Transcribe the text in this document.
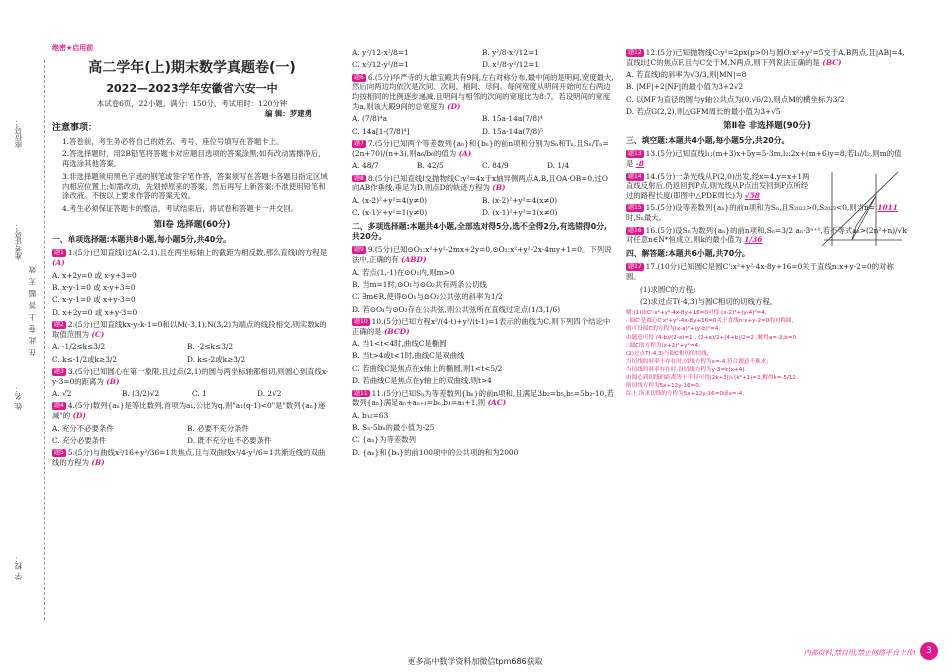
座位号：
准考证号：
在 此 卷 上 答 题 无 效
姓 名：
学 校：
绝密★启用前
高二学年(上)期末数学真题卷(一)
2022—2023学年安徽省六安一中
本试卷6页，22小题，满分：150分，考试用时：120分钟
编 辑：罗建勇
注意事项：

1.答卷前，考生务必将自己的姓名、考号、座位号填写在答题卡上。

2.答选择题时，用2B铅笔将答题卡对应题目选项的答案涂黑;如有改动需擦净后，再选涂其他答案。

3.非选择题须用黑色字迹的钢笔或签字笔作答，答案须写在答题卡各题目指定区域内相应位置上;如需改动，先划掉原来的答案，然后再写上新答案;不准使用铅笔和涂改液。不按以上要求作答的答案无效。

4.考生必须保证答题卡的整洁，考试结束后，将试卷和答题卡一并交回。

第Ⅰ卷 选择题(60分)
一、单项选择题:本题共8小题,每小题5分,共40分。

题1 1.(5分)已知直线l过A(-2,1),且在两坐标轴上的截距为相反数,那么直线l的方程是 (A)

A. x+2y=0 或 x-y+3=0

B. x-y-1=0 或 x-y+3=0

C. x-y-1=0 或 x+y-3=0

D. x+2y=0 或 x+y-3=0

题2 2.(5分)已知直线kx-y-k-1=0和以M(-3,1),N(3,2)为端点的线段相交,则实数k的取值范围为 (C)

A. -1/2≤k≤3/2	B. -2≤k≤3/2

C. k≤-1/2或k≥3/2	D. k≤-2或k≥3/2

题3 3.(5分)已知圆心在第一象限,且过点(2,1)的圆与两坐标轴都相切,则圆心到直线x-y-3=0的距离为 (B)

A. √2	B. (3/2)√2	C. 1	D. 2√2

题4 4.(5分)数列{aₙ}是等比数列,首项为a₁,公比为q,则"a₁(q-1)<0"是"数列{aₙ}递减"的 (D)

A. 充分不必要条件	B. 必要不充分条件

C. 充分必要条件	D. 既不充分也不必要条件

题5 5.(5分)与曲线x²/16+y²/36=1共焦点,且与双曲线x²/4-y²/6=1共渐近线的双曲线的方程为 (B)

A. y²/12-x²/8=1	B. y²/8-x²/12=1

C. x²/12-y²/8=1	D. x²/8-y²/12=1

题6 6.(5分)华严寺的大雄宝殿共有9间,左右对称分布,最中间的是明间,宽度最大,然后向两边均依次是次间、次间、梢间、尽间。每间宽度从明间开始向左右两边均按相同的比例逐步递减,且明间与相邻的次间的宽度比为8:7。若设明间的宽度为a,则该大殿9间的总宽度为 (D)

A. (7/8)⁴a	B. 15a-14a(7/8)⁴

C. 14a[1-(7/8)⁴]	D. 15a-14a(7/8)⁵

题7 7.(5分)已知两个等差数列{aₙ}和{bₙ}的前n项和分别为Sₙ和Tₙ,且Sₙ/Tₙ=(2n+70)/(n+3),则a₆/b₆的值为 (A)

A. 48/7	B. 42/5	C. 84/9	D. 1/4

题8 8.(5分)已知直线l交抛物线C:y²=4x于x轴异侧两点A,B,且OA·OB=0,过O向AB作垂线,垂足为D,则点D的轨迹方程为 (B)

A. (x-2)²+y²=4(y≠0)	B. (x-2)²+y²=4(x≠0)

C. (x-1)²+y²=1(y≠0)	D. (x-1)²+y²=1(x≠0)

二、多项选择题:本题共4小题,全部选对得5分,选不全得2分,有选错得0分,共20分。

题9 9.(5分)已知⊙O₁:x²+y²-2mx+2y=0,⊙O₂:x²+y²-2x-4my+1=0。下列说法中,正确的有 (ABD)

A. 若点(1,-1)在⊙O₁内,则m>0

B. 当m=1时,⊙O₁与⊙O₂共有两条公切线

C. ∃m∈R,使得⊙O₁与⊙O₂公共弦的斜率为1/2

D. 若⊙O₁与⊙O₂存在公共弦,则公共弦所在直线过定点(1/3,1/6)

题10 10.(5分)已知方程x²/(4-t)+y²/(t-1)=1表示的曲线为C,则下列四个结论中正确的是 (BCD)

A. 当1<t<4时,曲线C是椭圆

B. 当t>4或t<1时,曲线C是双曲线

C. 若曲线C是焦点在x轴上的椭圆,则1<t<5/2

D. 若曲线C是焦点在y轴上的双曲线,则t>4

题11 11.(5分)已知Sₙ为等差数列{bₙ}的前n项和,且满足3b₂=b₅,b₅=5b₂-10,若数列{aₙ}满足aₙ+aₙ₊₁=bₙ,b₁=a₁+1,则 (AC)

A. b₁₂=63

B. Sₙ-5bₙ的最小值为-25

C. {aₙ}为等差数列

D. {aₙ}和{bₙ}的前100项中的公共项的和为2000

题12 12.(5分)已知抛物线C:y²=2px(p>0)与圆O:x²+y²=5交于A,B两点,且|AB|=4,直线l过C的焦点F,且与C交于M,N两点,则下列说法正确的是 (BC)

A. 若直线l的斜率为√3/3,则|MN|=8

B. |MF|+2|NF|的最小值为3+2√2

C. 以MF为直径的圆与y轴公共点为(0,√6/2),则点M的横坐标为3/2

D. 若点G(2,2),则△GFM周长的最小值为3+√5

第Ⅱ卷 非选择题(90分)
三、填空题:本题共4小题,每小题5分,共20分。

题13 13.(5分)已知直线l₁:(m+3)x+5y=5-3m,l₂:2x+(m+6)y=8,若l₁//l₂,则m的值是 -8

题14 14.(5分)一条光线从P(2,0)出发,经x=4,y=x+1两直线反射后,仍返回到P点,则光线从P点出发回到P点所经过的路程长度(即图中△PDE周长)为 √58

题15 15.(5分)设等差数列{aₙ}的前n项和为Sₙ,且S₂₀₂₂>0,S₂₀₂₃<0,则当n= 1011 时,Sₙ最大。

题16 16.(5分)设Sₙ为数列{aₙ}的前n项和,Sₙ=3/2 aₙ-3ⁿ⁺¹,若不等式aₙ>(2n²+n)/√k对任意n∈N*恒成立,则k的最小值为 1/36

四、解答题:本题共6小题,共70分。

题17 17.(10分)已知圆C是圆C':x²+y²-4x-8y+16=0关于直线n:x+y-2=0的对称圆。

(1)求圆C的方程;

(2)求过点T(-4,3)与圆C相切的切线方程。

解:(1)由C':x²+y²-4x-8y+16=0可得:(x-2)²+(y-4)²=4,

∴圆C'是圆心C'x²+y²-4x-8y+16=0关于直线n:x+y-2=0的对称圆,

则可设圆C的方程为(x-a)²+(y-b)²=4.

由题意可得 (4-b)/(2-a)=1 , (2+a)/2+(4+b)/2=2 ,解得a=-2,b=0.

∴圆C的方程为(x+2)²+y²=4.

(2)过点T(-4,3)与圆C相切的切线,

当切线的斜率不存在时,切线方程为x=-4,符合题意不难求;

当切线的斜率存在时,设切线方程为y-3=k(x+4).

由圆心到切线的距离等于半径可得|2k+3|/√(k²+1)=2,解得k=-5/12.

则切线方程为5x+12y-16=0.

综上,所求切线的方程为5x+12y-16=0或x=-4.

内部资料,禁自用,禁止网络平台上传!	3
更多高中数学资料加微信tpm686获取
